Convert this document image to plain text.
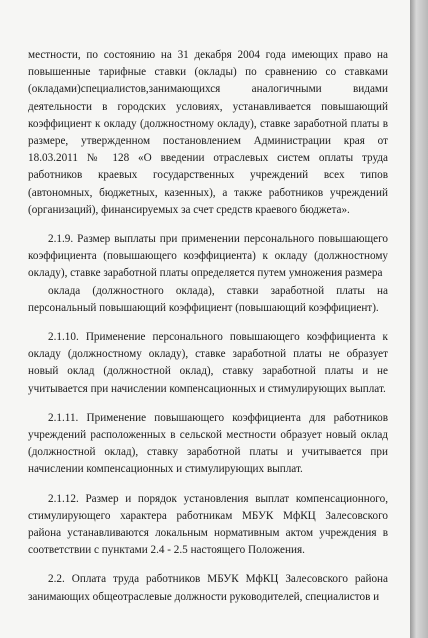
местности, по состоянию на 31 декабря 2004 года имеющих право на повышенные тарифные ставки (оклады) по сравнению со ставками (окладами)специалистов,занимающихся аналогичными видами деятельности в городских условиях, устанавливается повышающий коэффициент к окладу (должностному окладу), ставке заработной платы в размере, утвержденном постановлением Администрации края от 18.03.2011 № 128 «О введении отраслевых систем оплаты труда работников краевых государственных учреждений всех типов (автономных, бюджетных, казенных), а также работников учреждений (организаций), финансируемых за счет средств краевого бюджета».

2.1.9. Размер выплаты при применении персонального повышающего коэффициента (повышающего коэффициента) к окладу (должностному окладу), ставке заработной платы определяется путем умножения размера

оклада (должностного оклада), ставки заработной платы на персональный повышающий коэффициент (повышающий коэффициент).

2.1.10. Применение персонального повышающего коэффициента к окладу (должностному окладу), ставке заработной платы не образует новый оклад (должностной оклад), ставку заработной платы и не учитывается при начислении компенсационных и стимулирующих выплат.

2.1.11. Применение повышающего коэффициента для работников учреждений расположенных в сельской местности образует новый оклад (должностной оклад), ставку заработной платы и учитывается при начислении компенсационных и стимулирующих выплат.

2.1.12. Размер и порядок установления выплат компенсационного, стимулирующего характера работникам МБУК МфКЦ Залесовского района устанавливаются локальным нормативным актом учреждения в соответствии с пунктами 2.4 - 2.5 настоящего Положения.

2.2. Оплата труда работников МБУК МфКЦ Залесовского района занимающих общеотраслевые должности руководителей, специалистов и
